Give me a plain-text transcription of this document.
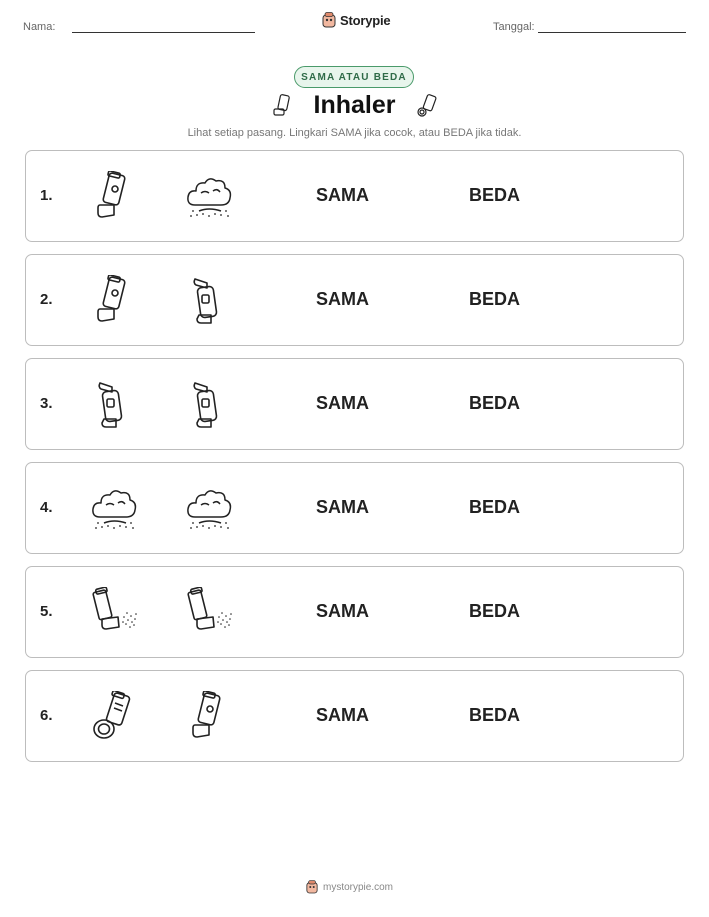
Nama:	Storypie	Tanggal:
SAMA ATAU BEDA
Inhaler
Lihat setiap pasang. Lingkari SAMA jika cocok, atau BEDA jika tidak.
1.	SAMA	BEDA
2.	SAMA	BEDA
3.	SAMA	BEDA
4.	SAMA	BEDA
5.	SAMA	BEDA
6.	SAMA	BEDA
mystorypie.com
